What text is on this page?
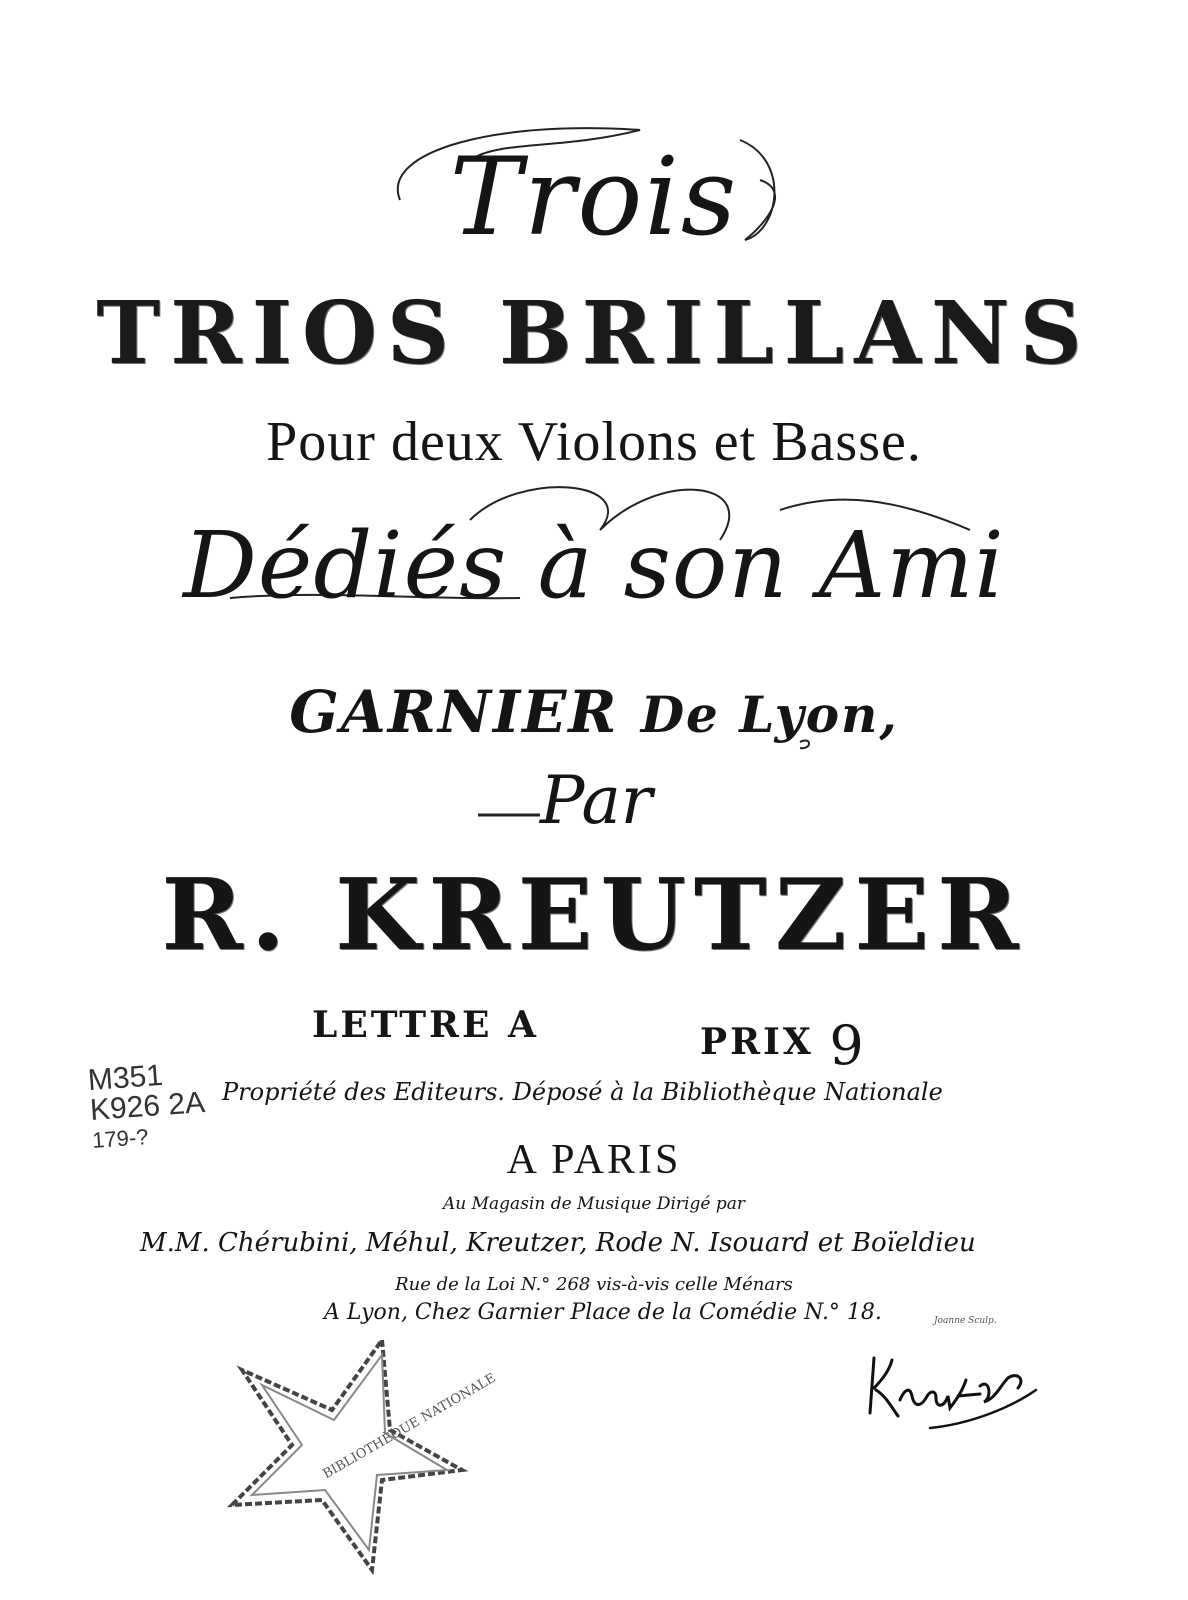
Trois
TRIOS BRILLANS
Pour deux Violons et Basse.
Dédiés à son Ami
GARNIER De Lyon,
Par
R. KREUTZER
LETTRE A	PRIX 9
M351
K926 2A
179-?
Propriété des Editeurs. Déposé à la Bibliothèque Nationale
A PARIS
Au Magasin de Musique Dirigé par
M.M. Chérubini, Méhul, Kreutzer, Rode N. Isouard et Boïeldieu
Rue de la Loi N.° 268 vis-à-vis celle Ménars
A Lyon, Chez Garnier Place de la Comédie N.° 18.	Joanne Sculp.
BIBLIOTHÈQUE NATIONALE
